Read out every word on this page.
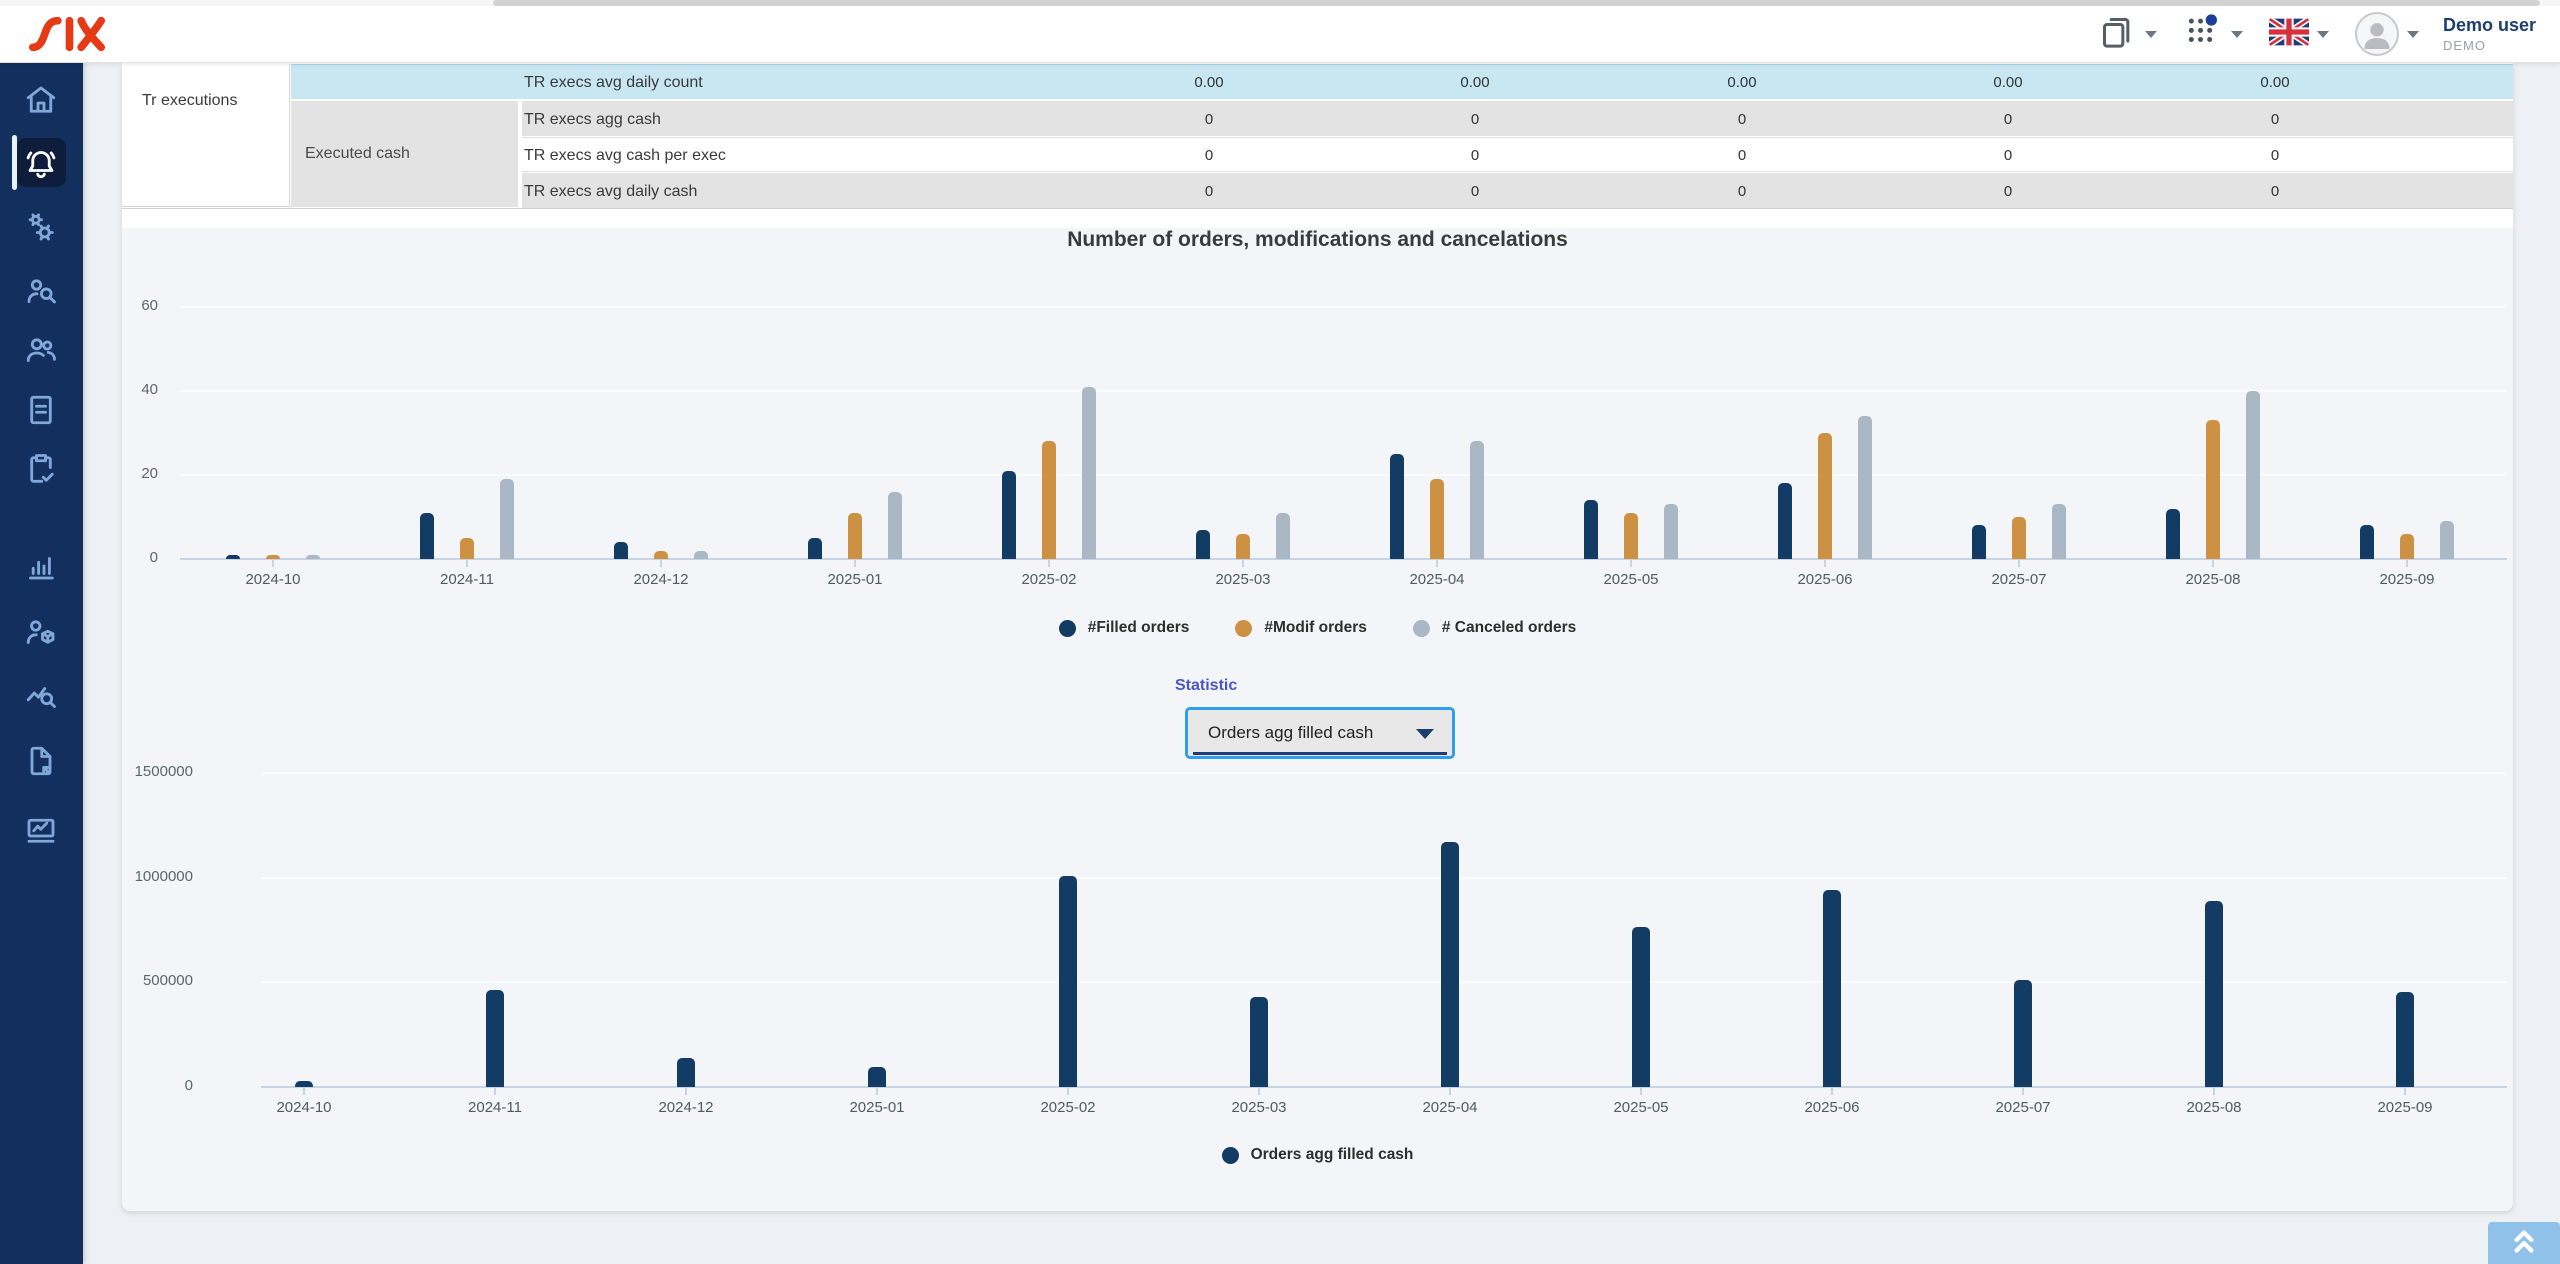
Demo user
DEMO
Tr executions
Executed cash
TR execs avg daily count	0.00	0.00	0.00	0.00	0.00
TR execs agg cash	0	0	0	0	0
TR execs avg cash per exec	0	0	0	0	0
TR execs avg daily cash	0	0	0	0	0
Number of orders, modifications and cancelations
0
20
40
60
2024-10	2024-11	2024-12	2025-01	2025-02	2025-03	2025-04	2025-05	2025-06	2025-07	2025-08	2025-09
#Filled orders	#Modif orders	# Canceled orders
Statistic
Orders agg filled cash
0
500000
1000000
1500000
2024-10	2024-11	2024-12	2025-01	2025-02	2025-03	2025-04	2025-05	2025-06	2025-07	2025-08	2025-09
Orders agg filled cash
